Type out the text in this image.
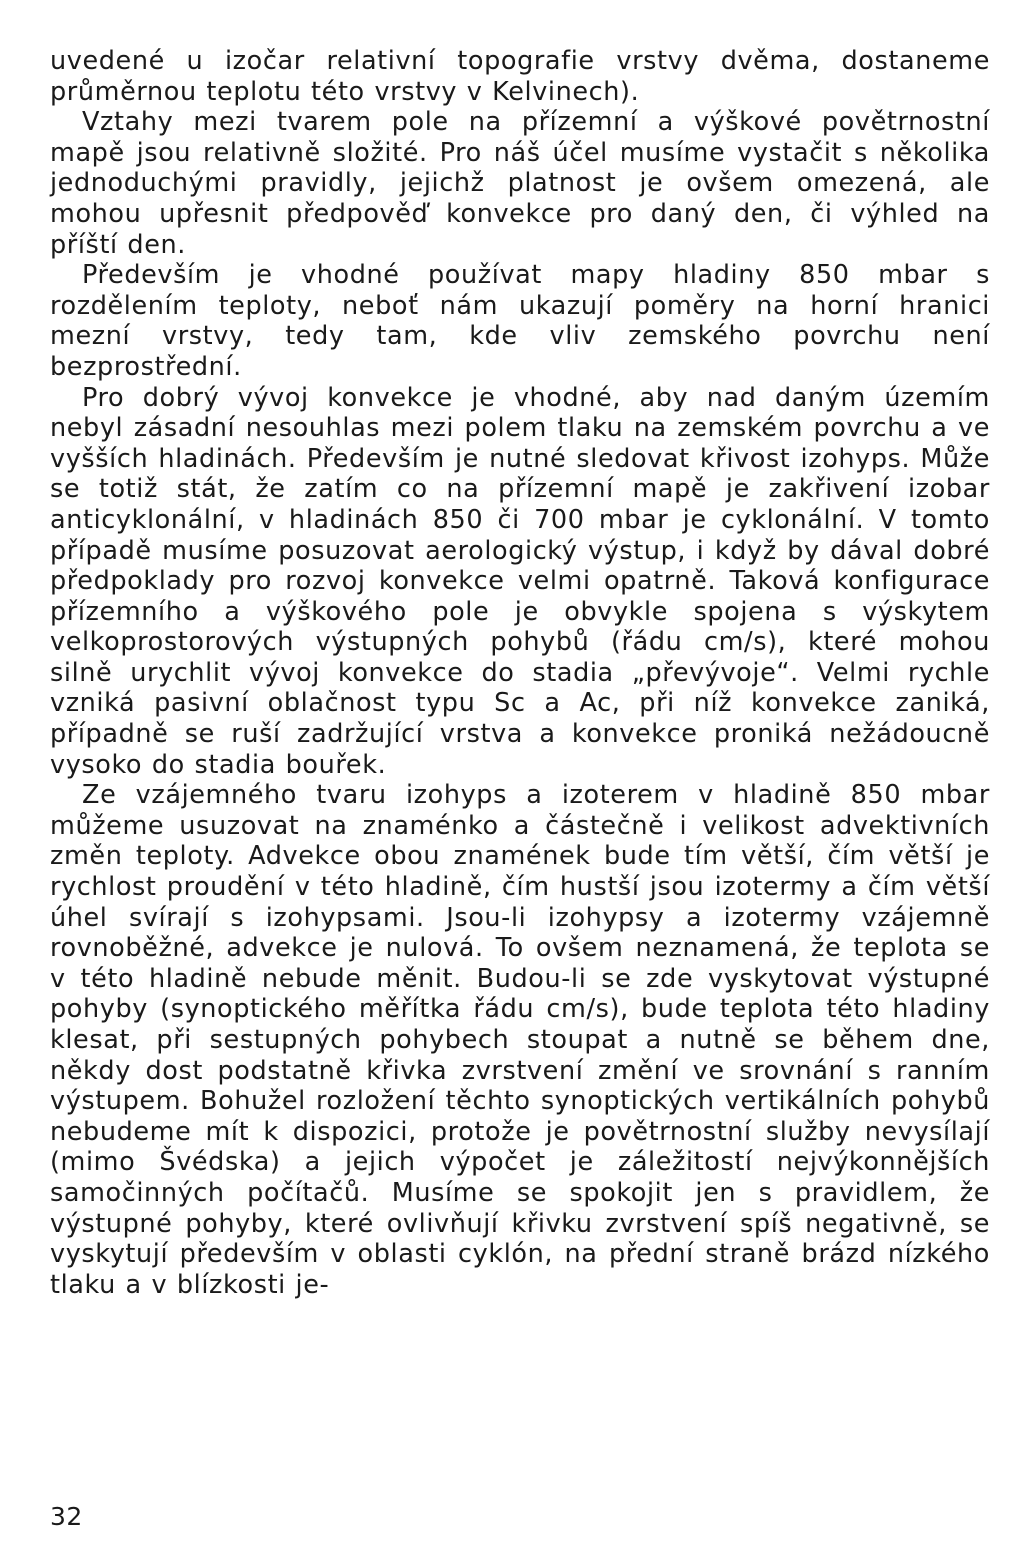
uvedené u izočar relativní topografie vrstvy dvěma, dostaneme průměrnou teplotu této vrstvy v Kelvinech).

Vztahy mezi tvarem pole na přízemní a výškové povětrnostní mapě jsou relativně složité. Pro náš účel musíme vystačit s několika jednoduchými pravidly, jejichž platnost je ovšem omezená, ale mohou upřesnit předpověď konvekce pro daný den, či výhled na příští den.

Především je vhodné používat mapy hladiny 850 mbar s rozdělením teploty, neboť nám ukazují poměry na horní hranici mezní vrstvy, tedy tam, kde vliv zemského povrchu není bezprostřední.

Pro dobrý vývoj konvekce je vhodné, aby nad daným územím nebyl zásadní nesouhlas mezi polem tlaku na zemském povrchu a ve vyšších hladinách. Především je nutné sledovat křivost izohyps. Může se totiž stát, že zatím co na přízemní mapě je zakřivení izobar anticyklonální, v hladinách 850 či 700 mbar je cyklonální. V tomto případě musíme posuzovat aerologický výstup, i když by dával dobré předpoklady pro rozvoj konvekce velmi opatrně. Taková konfigurace přízemního a výškového pole je obvykle spojena s výskytem velkoprostorových výstupných pohybů (řádu cm/s), které mohou silně urychlit vývoj konvekce do stadia „převývoje“. Velmi rychle vzniká pasivní oblačnost typu Sc a Ac, při níž konvekce zaniká, případně se ruší zadržující vrstva a konvekce proniká nežádoucně vysoko do stadia bouřek.

Ze vzájemného tvaru izohyps a izoterem v hladině 850 mbar můžeme usuzovat na znaménko a částečně i velikost advektivních změn teploty. Advekce obou znamének bude tím větší, čím větší je rychlost proudění v této hladině, čím hustší jsou izotermy a čím větší úhel svírají s izohypsami. Jsou-li izohypsy a izotermy vzájemně rovnoběžné, advekce je nulová. To ovšem neznamená, že teplota se v této hladině nebude měnit. Budou-li se zde vyskytovat výstupné pohyby (synoptického měřítka řádu cm/s), bude teplota této hladiny klesat, při sestupných pohybech stoupat a nutně se během dne, někdy dost podstatně křivka zvrstvení změní ve srovnání s ranním výstupem. Bohužel rozložení těchto synoptických vertikálních pohybů nebudeme mít k dispozici, protože je povětrnostní služby nevysílají (mimo Švédska) a jejich výpočet je záležitostí nejvýkonnějších samočinných počítačů. Musíme se spokojit jen s pravidlem, že výstupné pohyby, které ovlivňují křivku zvrstvení spíš negativně, se vyskytují především v oblasti cyklón, na přední straně brázd nízkého tlaku a v blízkosti je-

32
